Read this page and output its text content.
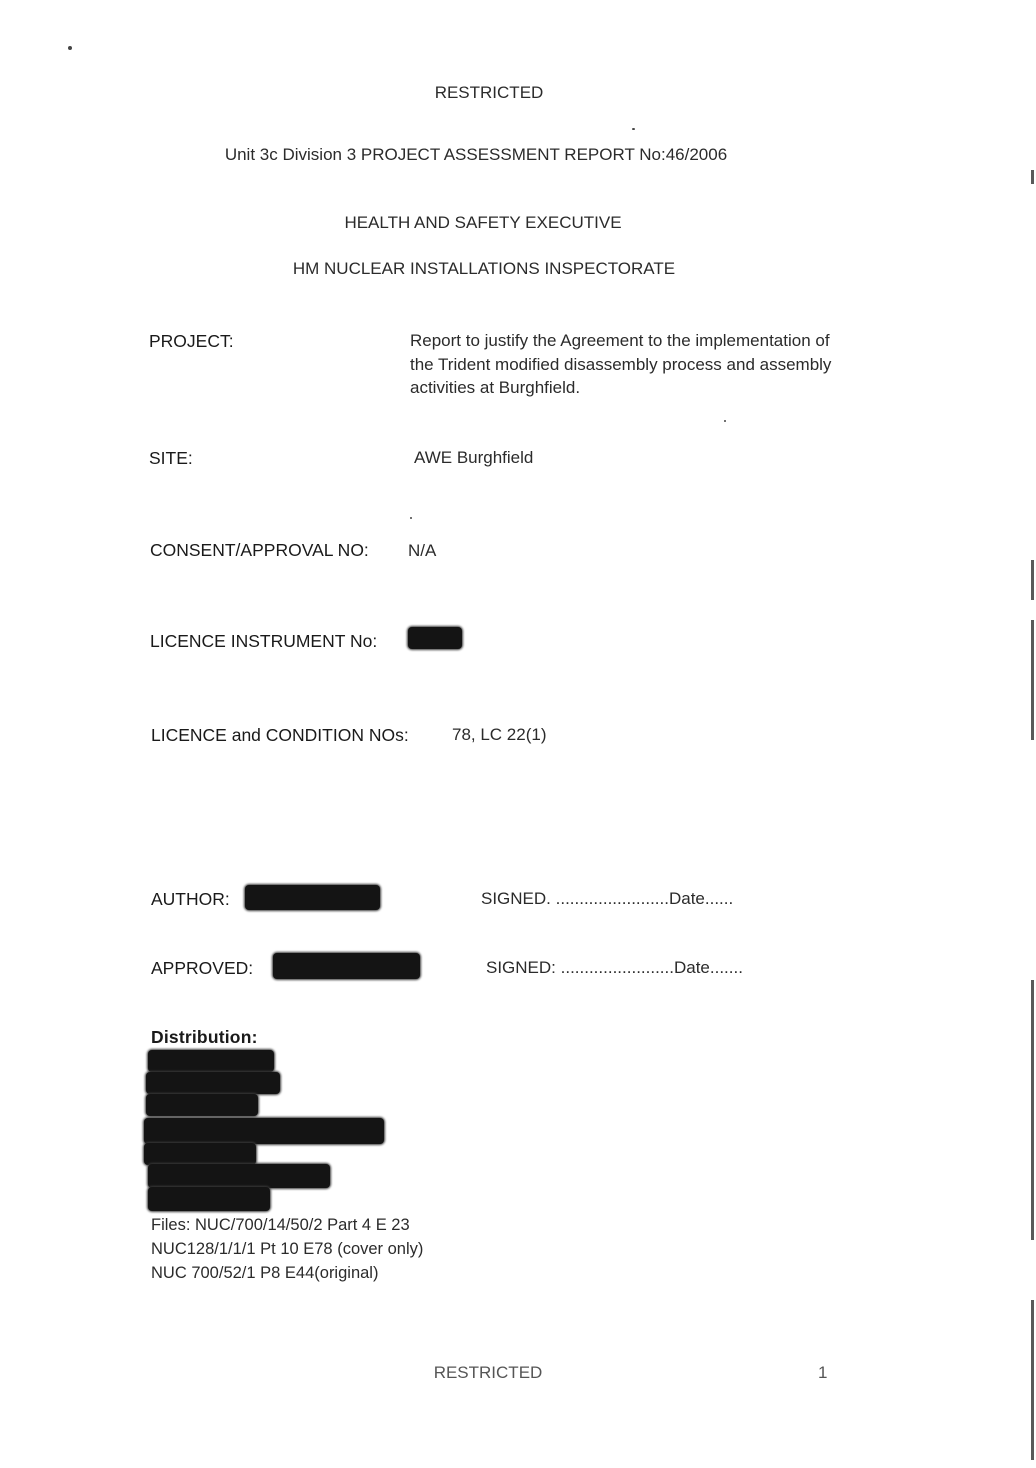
RESTRICTED
Unit 3c Division 3 PROJECT ASSESSMENT REPORT No:46/2006
HEALTH AND SAFETY EXECUTIVE
HM NUCLEAR INSTALLATIONS INSPECTORATE
PROJECT:	Report to justify the Agreement to the implementation of the Trident modified disassembly process and assembly activities at Burghfield.
SITE:	AWE Burghfield
CONSENT/APPROVAL NO: N/A
LICENCE INSTRUMENT No:
LICENCE and CONDITION NOs:	78, LC 22(1)
AUTHOR:	SIGNED. ........................Date......
APPROVED:	SIGNED: ........................Date.......
Distribution:
Files: NUC/700/14/50/2 Part 4 E 23
NUC128/1/1/1 Pt 10 E78 (cover only)
NUC 700/52/1 P8 E44(original)
RESTRICTED	1
